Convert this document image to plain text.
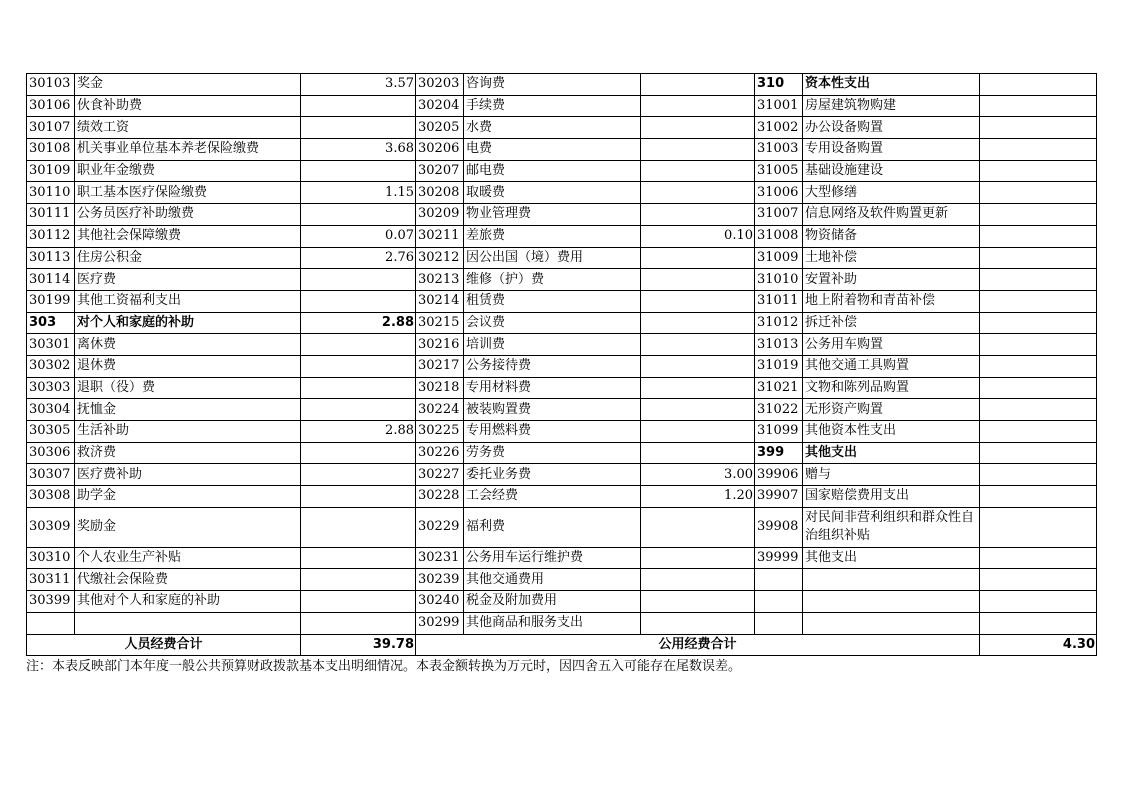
30103	奖金	3.57	30203	咨询费		310	资本性支出	
30106	伙食补助费		30204	手续费		31001	房屋建筑物购建	
30107	绩效工资		30205	水费		31002	办公设备购置	
30108	机关事业单位基本养老保险缴费	3.68	30206	电费		31003	专用设备购置	
30109	职业年金缴费		30207	邮电费		31005	基础设施建设	
30110	职工基本医疗保险缴费	1.15	30208	取暖费		31006	大型修缮	
30111	公务员医疗补助缴费		30209	物业管理费		31007	信息网络及软件购置更新	
30112	其他社会保障缴费	0.07	30211	差旅费	0.10	31008	物资储备	
30113	住房公积金	2.76	30212	因公出国（境）费用		31009	土地补偿	
30114	医疗费		30213	维修（护）费		31010	安置补助	
30199	其他工资福利支出		30214	租赁费		31011	地上附着物和青苗补偿	
303	对个人和家庭的补助	2.88	30215	会议费		31012	拆迁补偿	
30301	离休费		30216	培训费		31013	公务用车购置	
30302	退休费		30217	公务接待费		31019	其他交通工具购置	
30303	退职（役）费		30218	专用材料费		31021	文物和陈列品购置	
30304	抚恤金		30224	被装购置费		31022	无形资产购置	
30305	生活补助	2.88	30225	专用燃料费		31099	其他资本性支出	
30306	救济费		30226	劳务费		399	其他支出	
30307	医疗费补助		30227	委托业务费	3.00	39906	赠与	
30308	助学金		30228	工会经费	1.20	39907	国家赔偿费用支出	
30309	奖励金		30229	福利费		39908	对民间非营利组织和群众性自治组织补贴	
30310	个人农业生产补贴		30231	公务用车运行维护费		39999	其他支出	
30311	代缴社会保险费		30239	其他交通费用				
30399	其他对个人和家庭的补助		30240	税金及附加费用				
			30299	其他商品和服务支出				
人员经费合计		39.78	公用经费合计					4.30
注：本表反映部门本年度一般公共预算财政拨款基本支出明细情况。本表金额转换为万元时，因四舍五入可能存在尾数误差。
